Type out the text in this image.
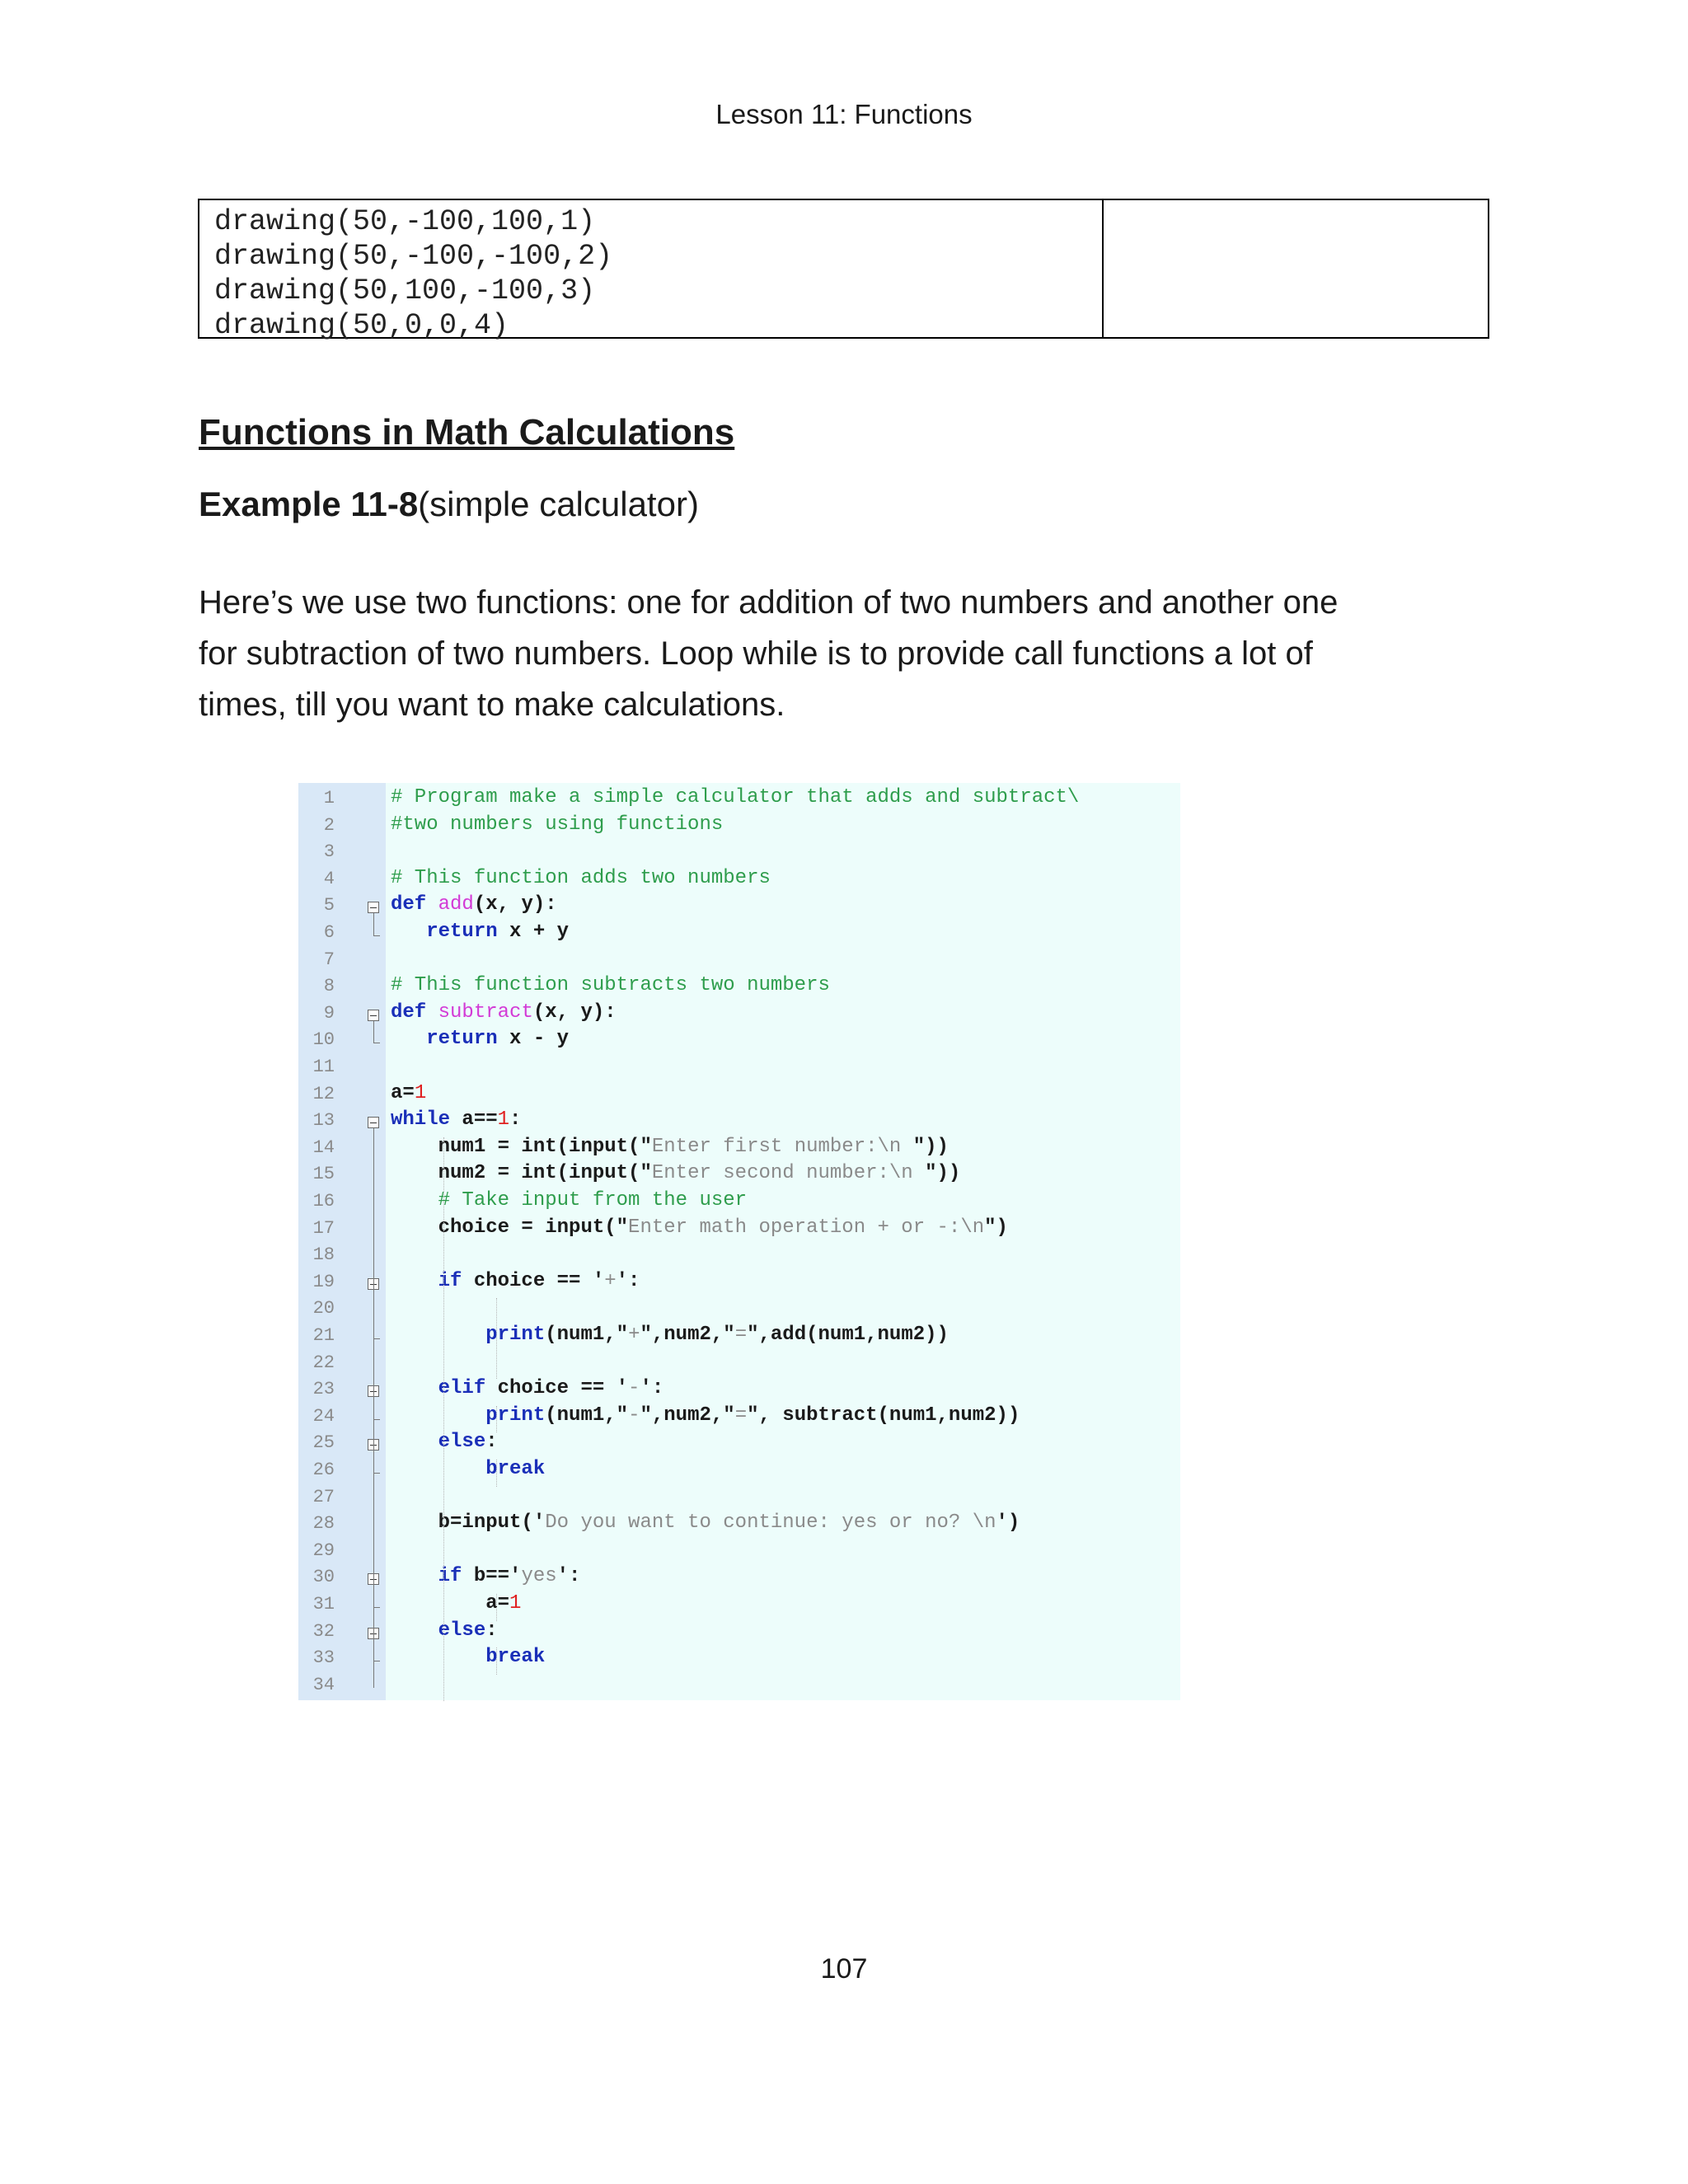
Lesson 11: Functions
drawing(50,-100,100,1)
drawing(50,-100,-100,2)
drawing(50,100,-100,3)
drawing(50,0,0,4)
Functions in Math Calculations
Example 11-8(simple calculator)
Here’s we use two functions: one for addition of two numbers and another one
for subtraction of two numbers. Loop while is to provide call functions a lot of
times, till you want to make calculations.
1
2
3
4
5
6
7
8
9
10
11
12
13
14
15
16
17
18
19
20
21
22
23
24
25
26
27
28
29
30
31
32
33
34
# Program make a simple calculator that adds and subtract\
#two numbers using functions
# This function adds two numbers
def add(x, y):
return x + y
# This function subtracts two numbers
def subtract(x, y):
return x - y
a=1
while a==1:
num1 = int(input("Enter first number:\n "))
num2 = int(input("Enter second number:\n "))
# Take input from the user
choice = input("Enter math operation + or -:\n")
if choice == '+':
print(num1,"+",num2,"=",add(num1,num2))
elif choice == '-':
print(num1,"-",num2,"=", subtract(num1,num2))
else:
break
b=input('Do you want to continue: yes or no? \n')
if b=='yes':
a=1
else:
break
107
